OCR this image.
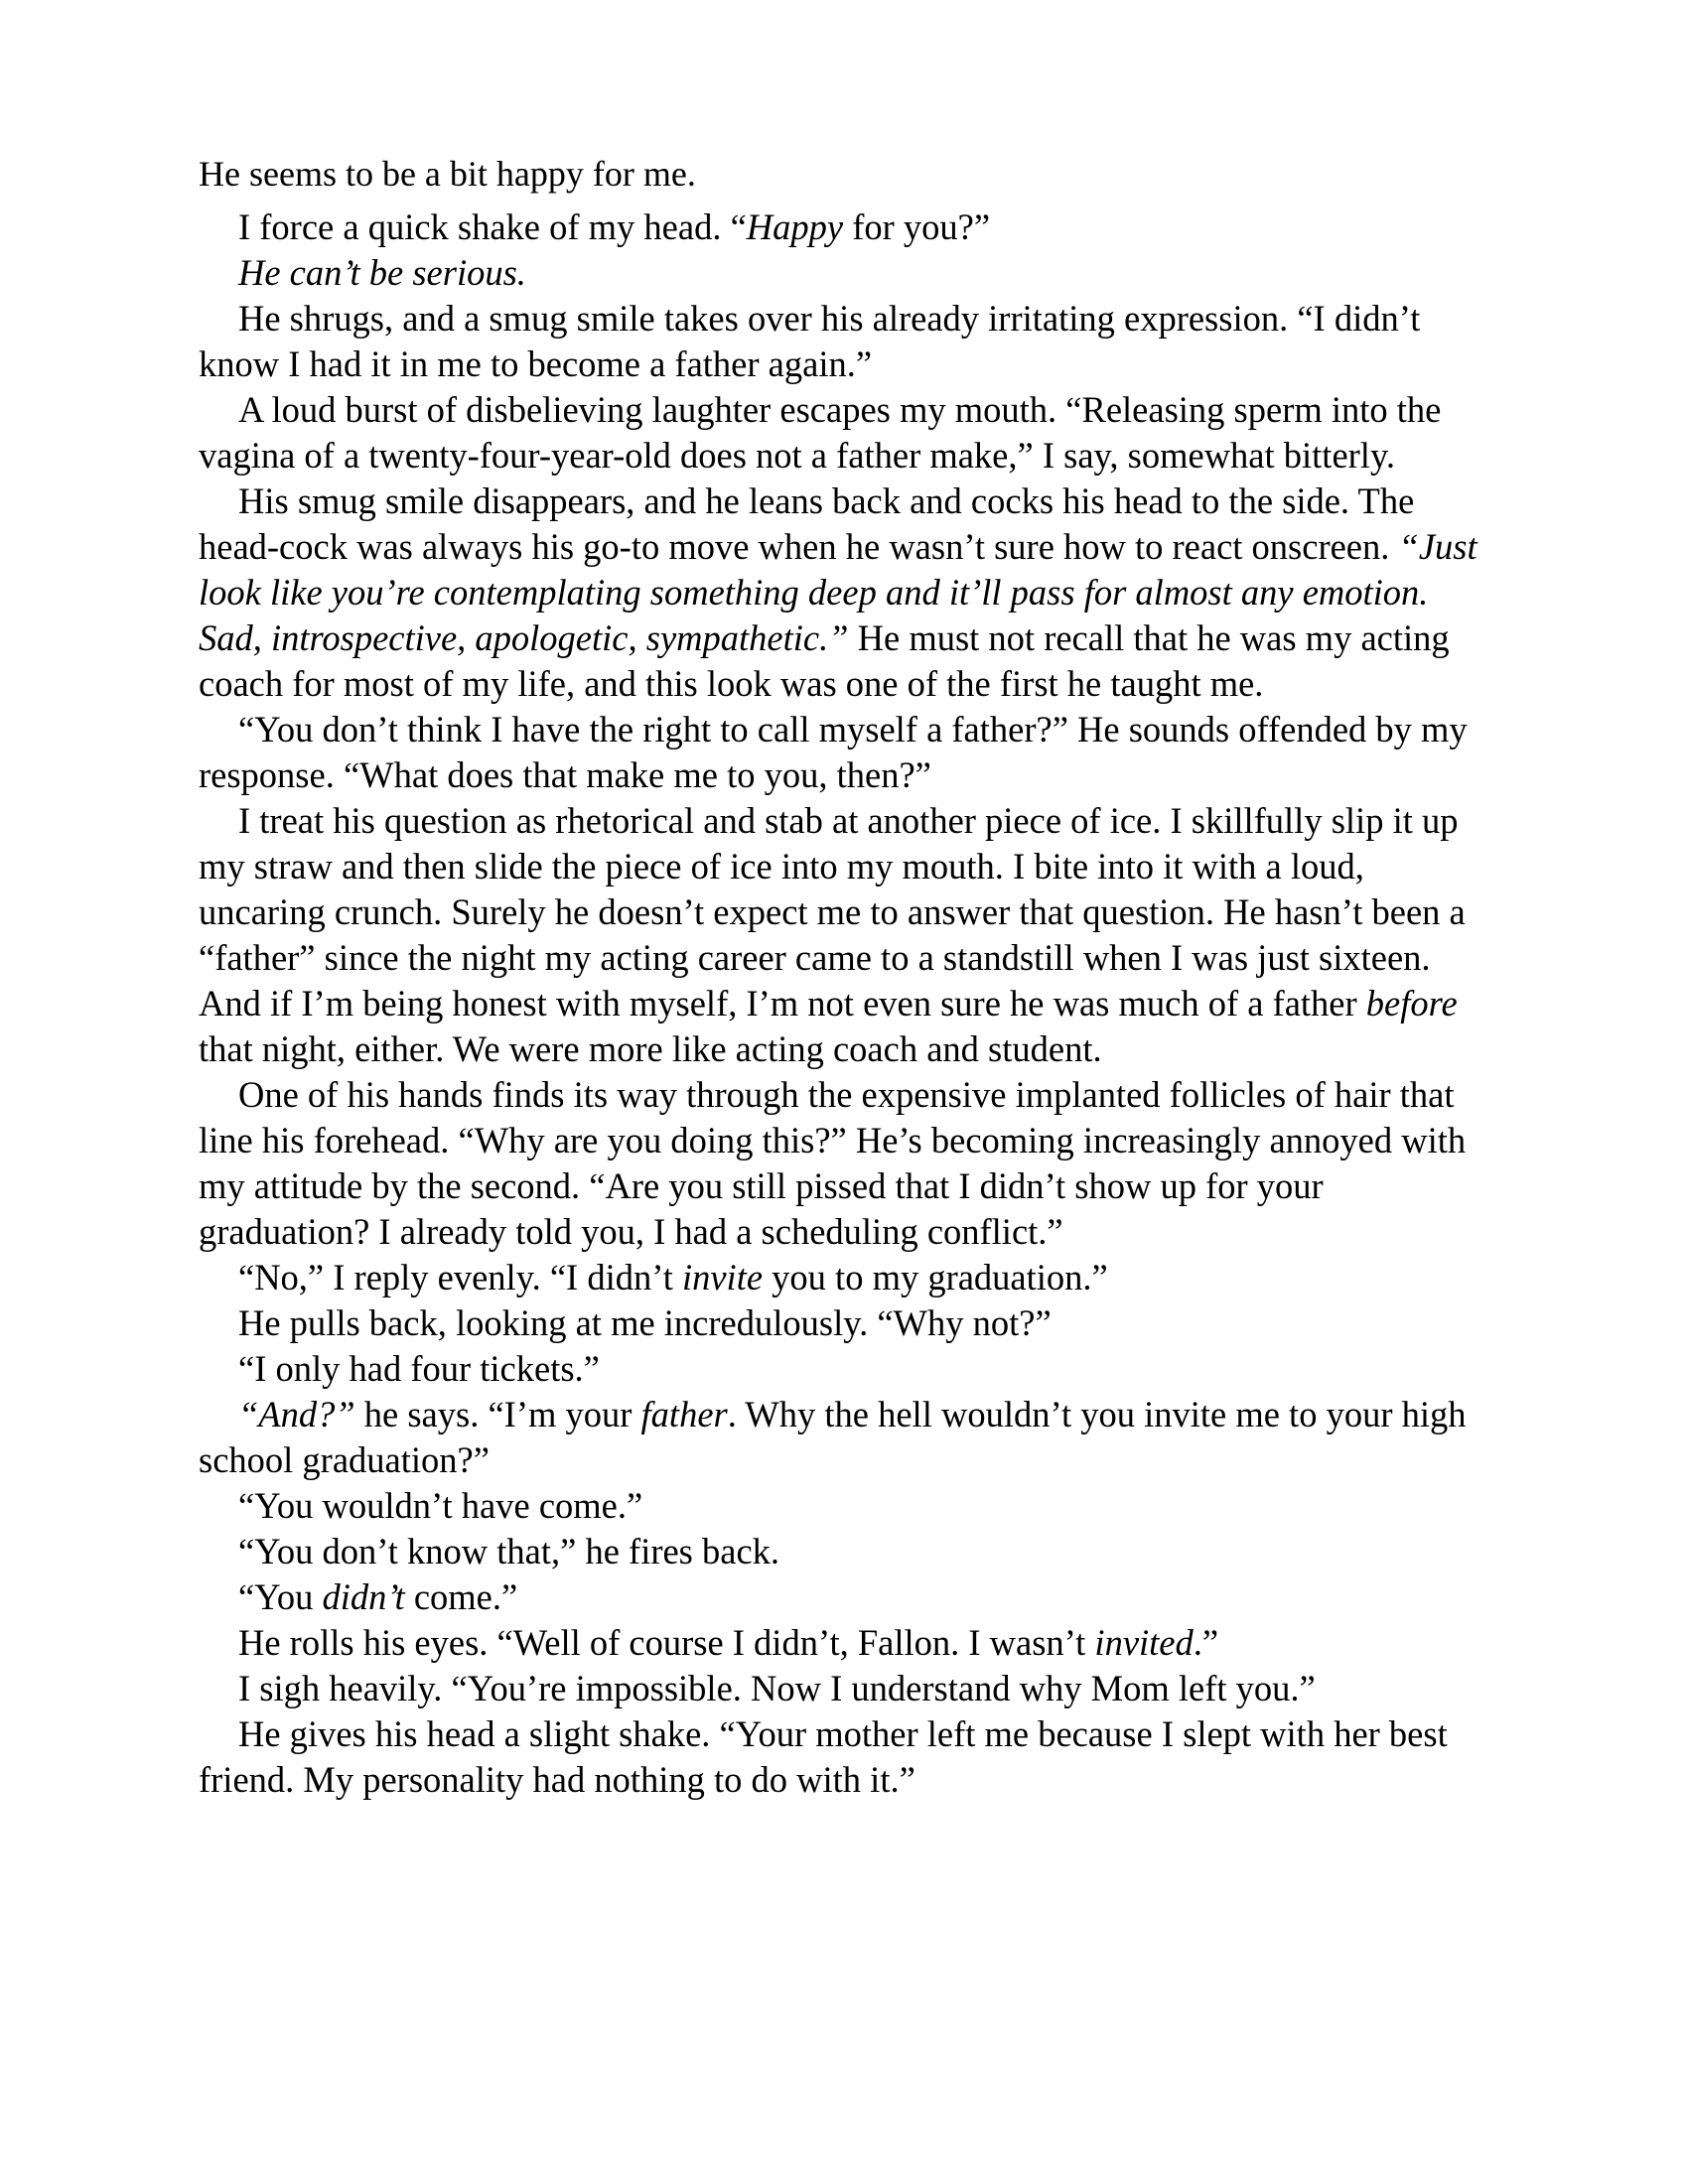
He seems to be a bit happy for me.

I force a quick shake of my head. “Happy for you?”

He can’t be serious.

He shrugs, and a smug smile takes over his already irritating expression. “I didn’t know I had it in me to become a father again.”

A loud burst of disbelieving laughter escapes my mouth. “Releasing sperm into the vagina of a twenty-four-year-old does not a father make,” I say, somewhat bitterly.

His smug smile disappears, and he leans back and cocks his head to the side. The head-cock was always his go-to move when he wasn’t sure how to react onscreen. “Just look like you’re contemplating something deep and it’ll pass for almost any emotion. Sad, introspective, apologetic, sympathetic.” He must not recall that he was my acting coach for most of my life, and this look was one of the first he taught me.

“You don’t think I have the right to call myself a father?” He sounds offended by my response. “What does that make me to you, then?”

I treat his question as rhetorical and stab at another piece of ice. I skillfully slip it up my straw and then slide the piece of ice into my mouth. I bite into it with a loud, uncaring crunch. Surely he doesn’t expect me to answer that question. He hasn’t been a “father” since the night my acting career came to a standstill when I was just sixteen. And if I’m being honest with myself, I’m not even sure he was much of a father before that night, either. We were more like acting coach and student.

One of his hands finds its way through the expensive implanted follicles of hair that line his forehead. “Why are you doing this?” He’s becoming increasingly annoyed with my attitude by the second. “Are you still pissed that I didn’t show up for your graduation? I already told you, I had a scheduling conflict.”

“No,” I reply evenly. “I didn’t invite you to my graduation.”

He pulls back, looking at me incredulously. “Why not?”

“I only had four tickets.”

“And?” he says. “I’m your father. Why the hell wouldn’t you invite me to your high school graduation?”

“You wouldn’t have come.”

“You don’t know that,” he fires back.

“You didn’t come.”

He rolls his eyes. “Well of course I didn’t, Fallon. I wasn’t invited.”

I sigh heavily. “You’re impossible. Now I understand why Mom left you.”

He gives his head a slight shake. “Your mother left me because I slept with her best friend. My personality had nothing to do with it.”
